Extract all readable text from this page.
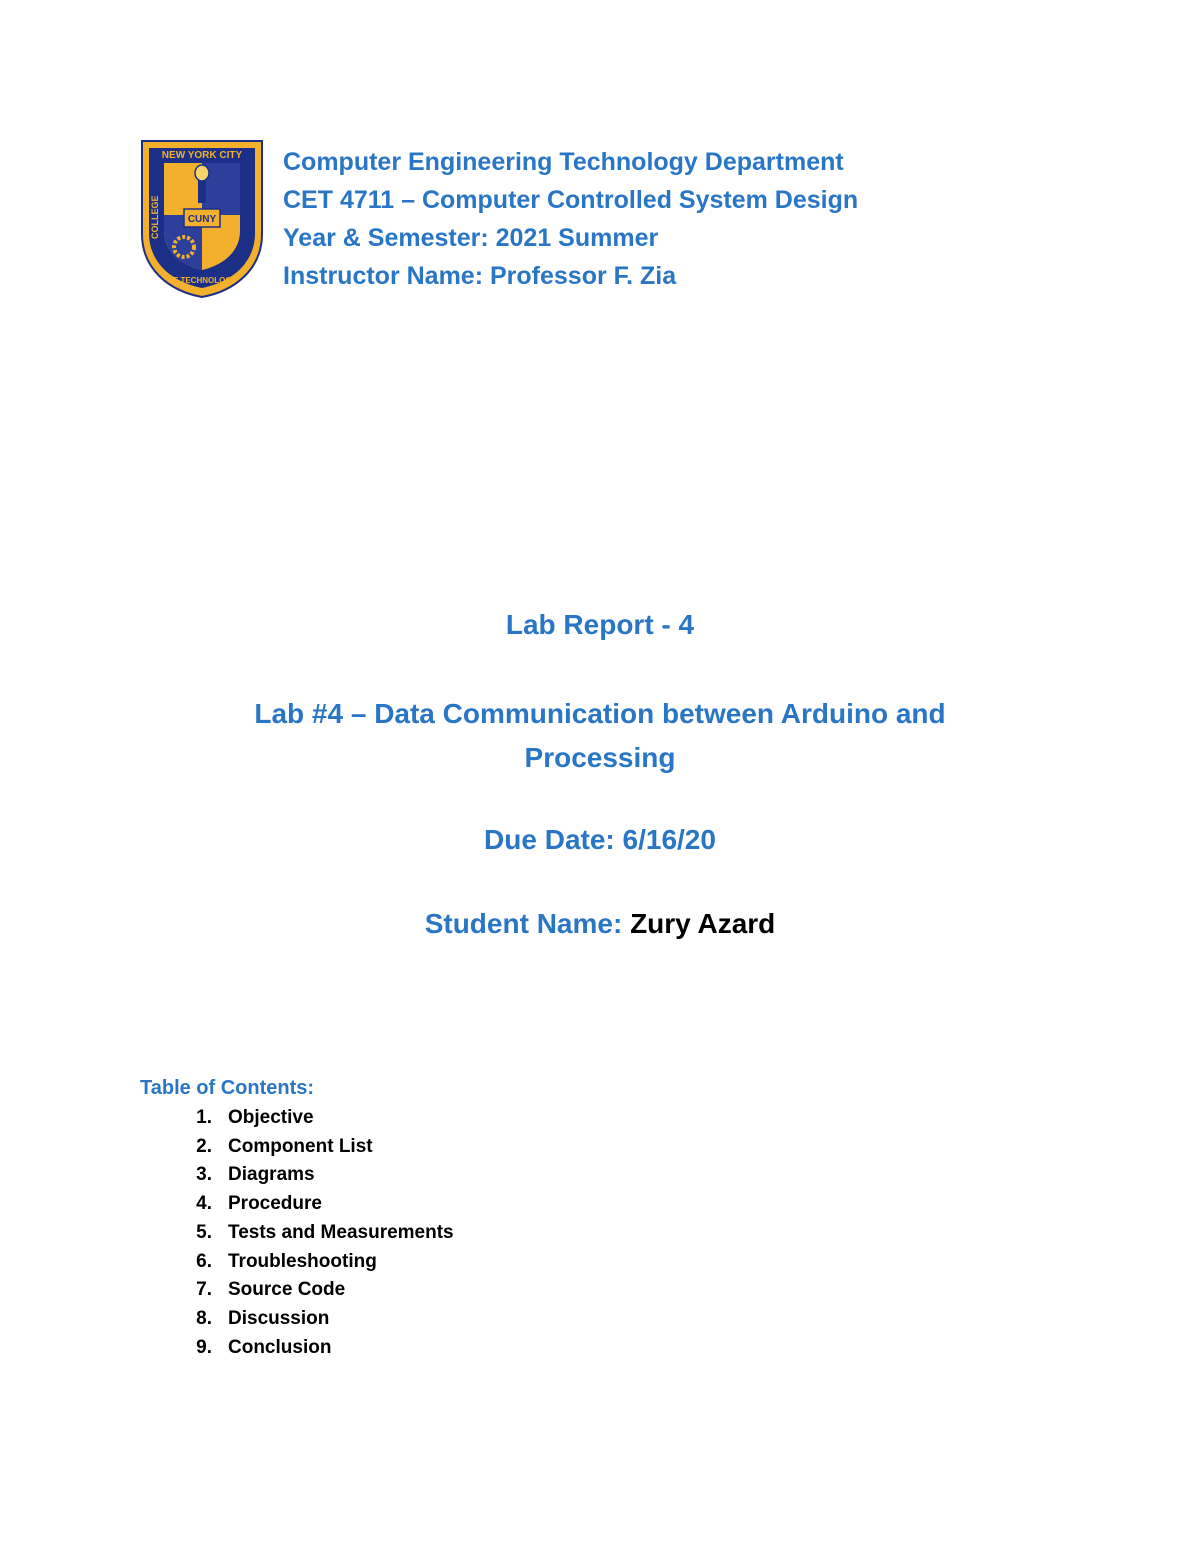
CUNY
NEW YORK CITY
COLLEGE
OF TECHNOLOGY
Computer Engineering Technology Department
CET 4711 – Computer Controlled System Design
Year & Semester: 2021 Summer
Instructor Name: Professor F. Zia
Lab Report - 4
Lab #4 – Data Communication between Arduino and
Processing
Due Date: 6/16/20
Student Name: Zury Azard
Table of Contents:
1. Objective
2. Component List
3. Diagrams
4. Procedure
5. Tests and Measurements
6. Troubleshooting
7. Source Code
8. Discussion
9. Conclusion
